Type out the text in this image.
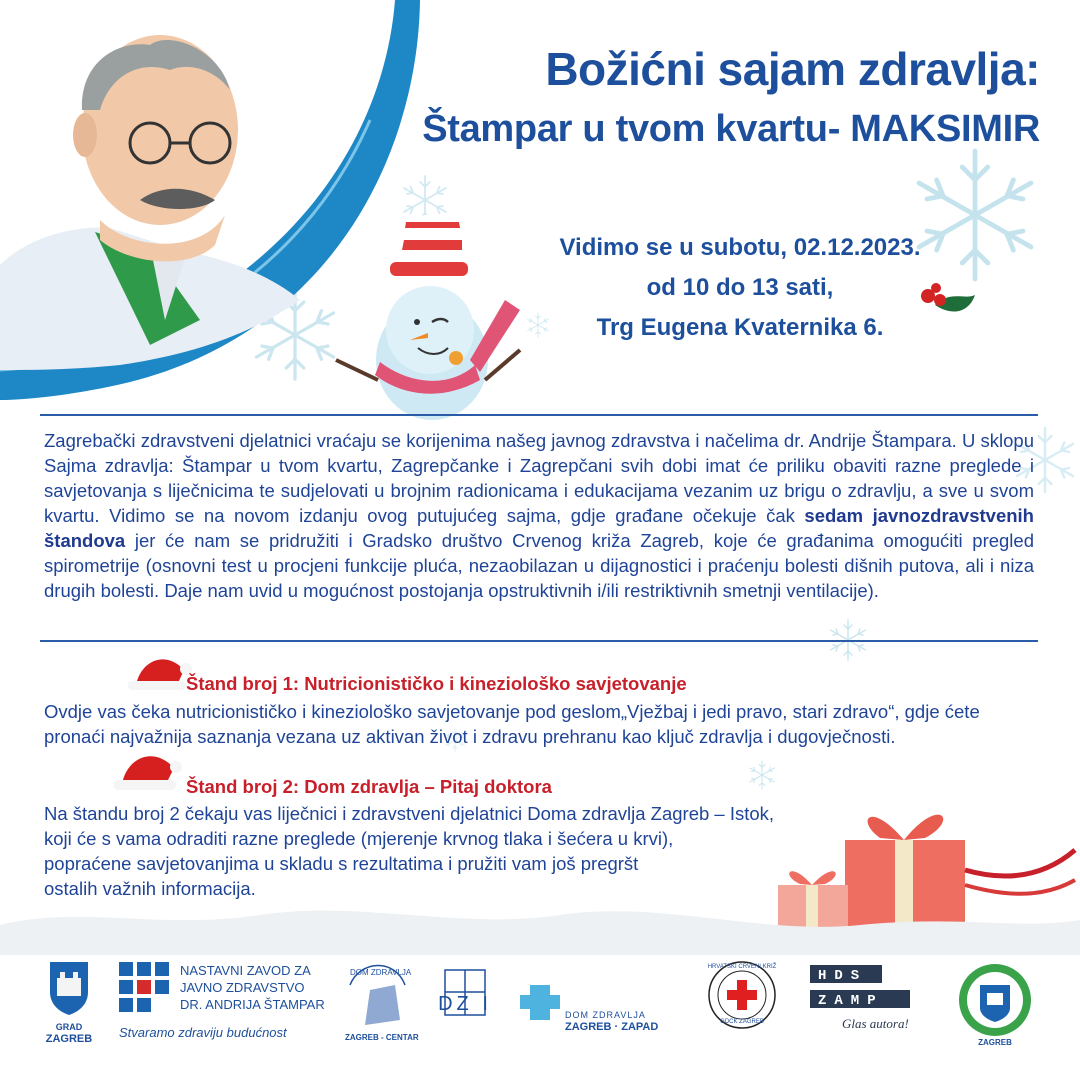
Božićni sajam zdravlja:
Štampar u tvom kvartu- MAKSIMIR
Vidimo se u subotu, 02.12.2023.
od 10 do 13 sati,
Trg Eugena Kvaternika 6.
Zagrebački zdravstveni djelatnici vraćaju se korijenima našeg javnog zdravstva i načelima dr. Andrije Štampara. U sklopu Sajma zdravlja: Štampar u tvom kvartu, Zagrepčanke i Zagrepčani svih dobi imat će priliku obaviti razne preglede i savjetovanja s liječnicima te sudjelovati u brojnim radionicama i edukacijama vezanim uz brigu o zdravlju, a sve u svom kvartu. Vidimo se na novom izdanju ovog putujućeg sajma, gdje građane očekuje čak sedam javnozdravstvenih štandova jer će nam se pridružiti i Gradsko društvo Crvenog križa Zagreb, koje će građanima omogućiti pregled spirometrije (osnovni test u procjeni funkcije pluća, nezaobilazan u dijagnostici i praćenju bolesti dišnih putova, ali i niza drugih bolesti. Daje nam uvid u mogućnost postojanja opstruktivnih i/ili restriktivnih smetnji ventilacije).
Štand broj 1: Nutricionističko i kineziološko savjetovanje
Ovdje vas čeka nutricionističko i kineziološko savjetovanje pod geslom„Vježbaj i jedi pravo, stari zdravo“, gdje ćete pronaći najvažnija saznanja vezana uz aktivan život i zdravu prehranu kao ključ zdravlja i dugovječnosti.
Štand broj 2: Dom zdravlja – Pitaj doktora
Na štandu broj 2 čekaju vas liječnici i zdravstveni djelatnici Doma zdravlja Zagreb – Istok,
koji će s vama odraditi razne preglede (mjerenje krvnog tlaka i šećera u krvi),
popraćene savjetovanjima u skladu s rezultatima i pružiti vam još pregršt
ostalih važnih informacija.
GRAD
ZAGREB
NASTAVNI ZAVOD ZA
JAVNO ZDRAVSTVO
DR. ANDRIJA ŠTAMPAR
Stvaramo zdraviju budućnost
DOM ZDRAVLJA
ZAGREB - CENTAR
DZ I	DOM ZDRAVLJA
ZAGREB · ZAPAD
HRVATSKI CRVENI KRIŽ
GDCK ZAGREB
HDS
ZAMP
Glas autora!
ZAGREB
